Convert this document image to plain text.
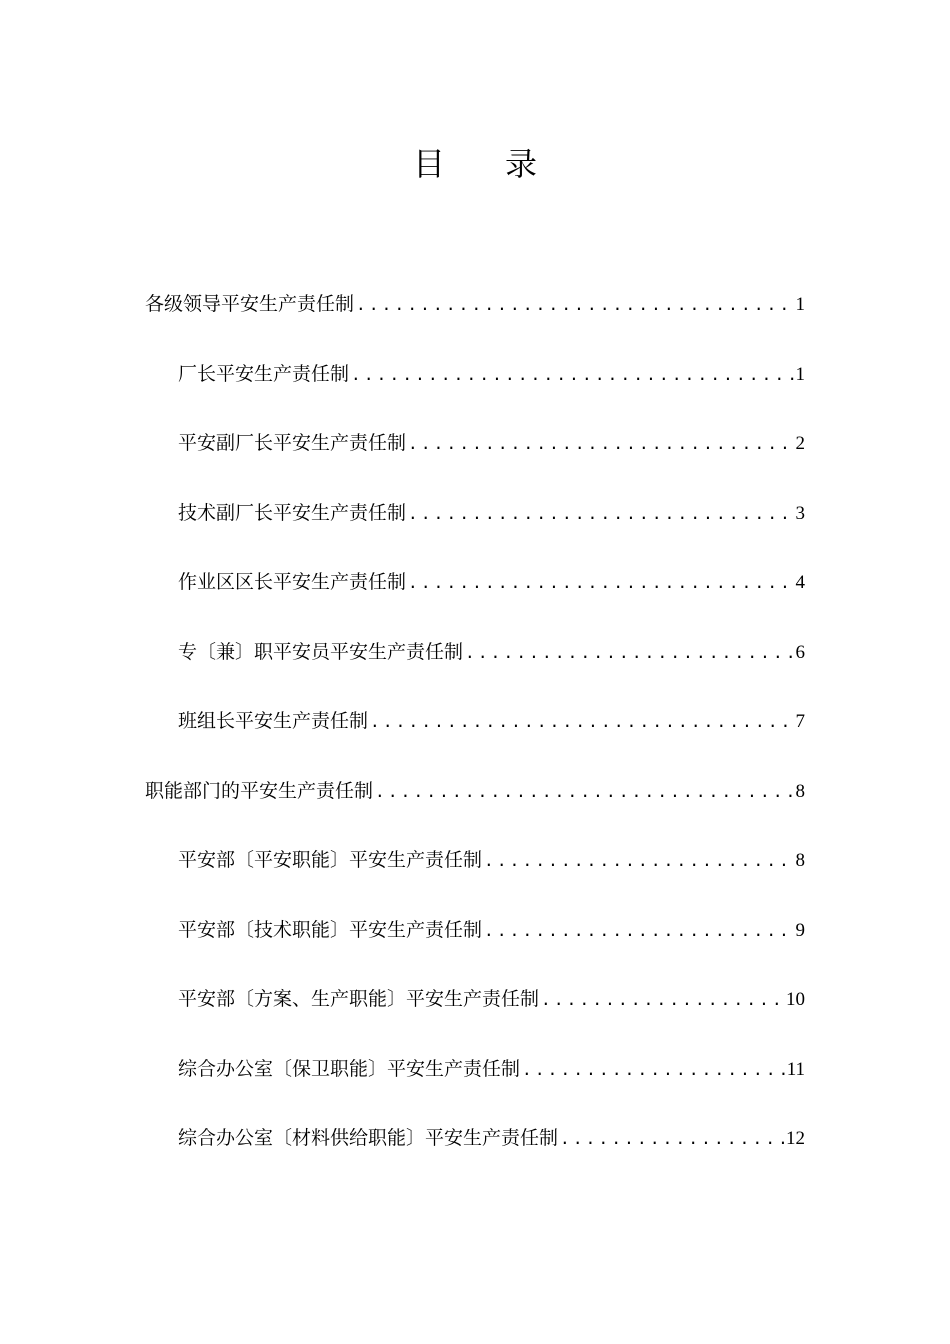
目 录
各级领导平安生产责任制 .....	1
厂长平安生产责任制 .....	1
平安副厂长平安生产责任制 .....	2
技术副厂长平安生产责任制 .....	3
作业区区长平安生产责任制 .....	4
专〔兼〕职平安员平安生产责任制 .....	6
班组长平安生产责任制 .....	7
职能部门的平安生产责任制 .....	8
平安部〔平安职能〕平安生产责任制 .....	8
平安部〔技术职能〕平安生产责任制 .....	9
平安部〔方案、生产职能〕平安生产责任制 .....	10
综合办公室〔保卫职能〕平安生产责任制 .....	11
综合办公室〔材料供给职能〕平安生产责任制 .....	12
